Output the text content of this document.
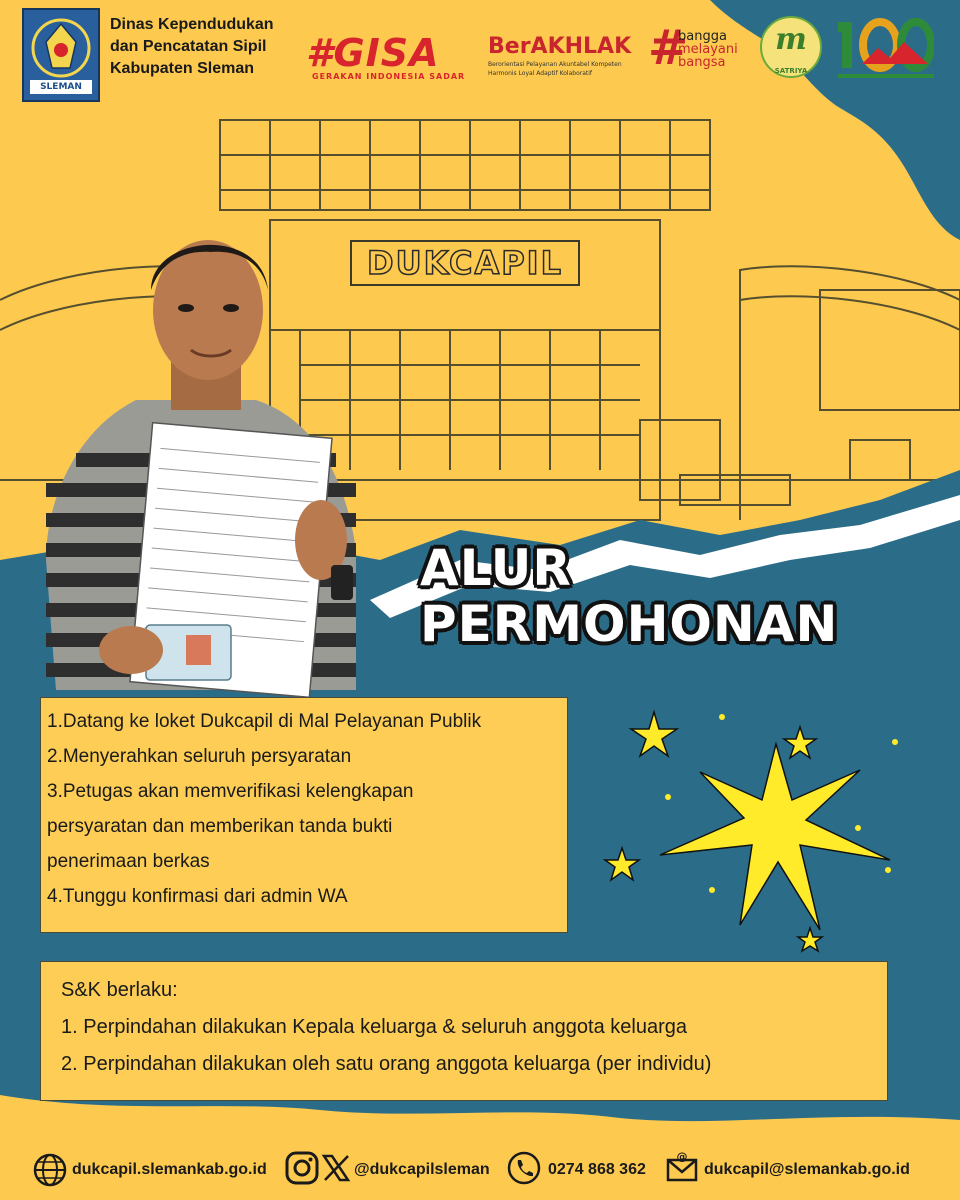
DUKCAPIL
SLEMAN
Dinas Kependudukan
dan Pencatatan Sipil
Kabupaten Sleman	#GISA
GERAKAN INDONESIA SADAR
BerAKHLAK
Berorientasi Pelayanan Akuntabel Kompeten
Harmonis Loyal Adaptif Kolaboratif	#
bangga
melayani
bangsa
m
SATRIYA
ALUR
PERMOHONAN
1.Datang ke loket Dukcapil di Mal Pelayanan Publik
2.Menyerahkan seluruh persyaratan
3.Petugas akan memverifikasi kelengkapan
persyaratan dan memberikan tanda bukti
penerimaan berkas
4.Tunggu konfirmasi dari admin WA
S&K berlaku:
1. Perpindahan dilakukan Kepala keluarga & seluruh anggota keluarga
2. Perpindahan dilakukan oleh satu orang anggota keluarga (per individu)
dukcapil.slemankab.go.id	@dukcapilsleman	0274 868 362
@
dukcapil@slemankab.go.id
